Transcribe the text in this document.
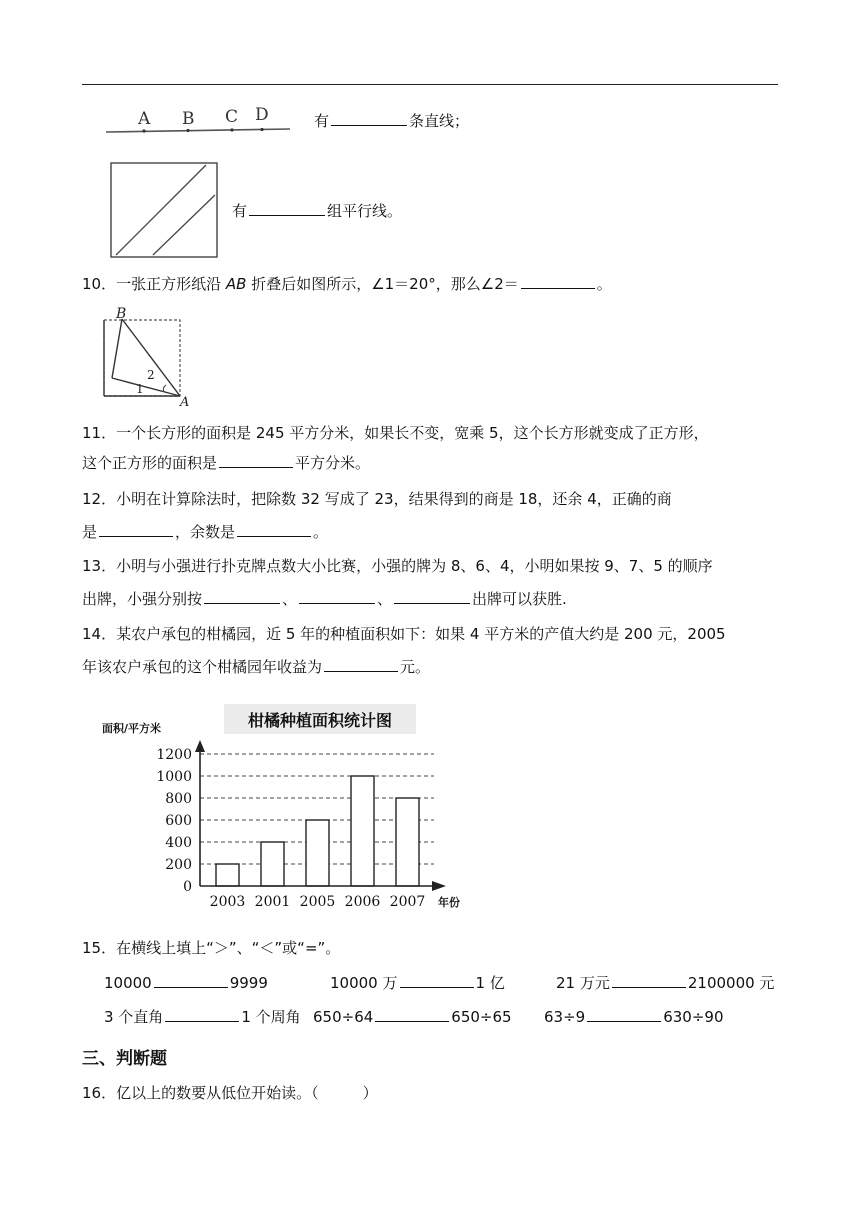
A B C D	有	条直线；
有	组平行线。
10．一张正方形纸沿 AB 折叠后如图所示，∠1＝20°，那么∠2＝	。
B
A
1
2
11．一个长方形的面积是 245 平方分米，如果长不变，宽乘 5，这个长方形就变成了正方形，
这个正方形的面积是	平方分米。
12．小明在计算除法时，把除数 32 写成了 23，结果得到的商是 18，还余 4，正确的商
是	，余数是	。
13．小明与小强进行扑克牌点数大小比赛，小强的牌为 8、6、4，小明如果按 9、7、5 的顺序
出牌，小强分别按	、	、	出牌可以获胜.
14．某农户承包的柑橘园，近 5 年的种植面积如下：如果 4 平方米的产值大约是 200 元，2005
年该农户承包的这个柑橘园年收益为	元。
柑橘种植面积统计图
面积/平方米
年份
0
200
400
600
800
1000
1200
2003 2001 2005 2006 2007
15．在横线上填上“＞”、“＜”或“=”。
10000	9999	10000 万	1 亿	21 万元	2100000 元
3 个直角	1 个周角 650÷64	650÷65 63÷9	630÷90
三、判断题
16．亿以上的数要从低位开始读。（	）
